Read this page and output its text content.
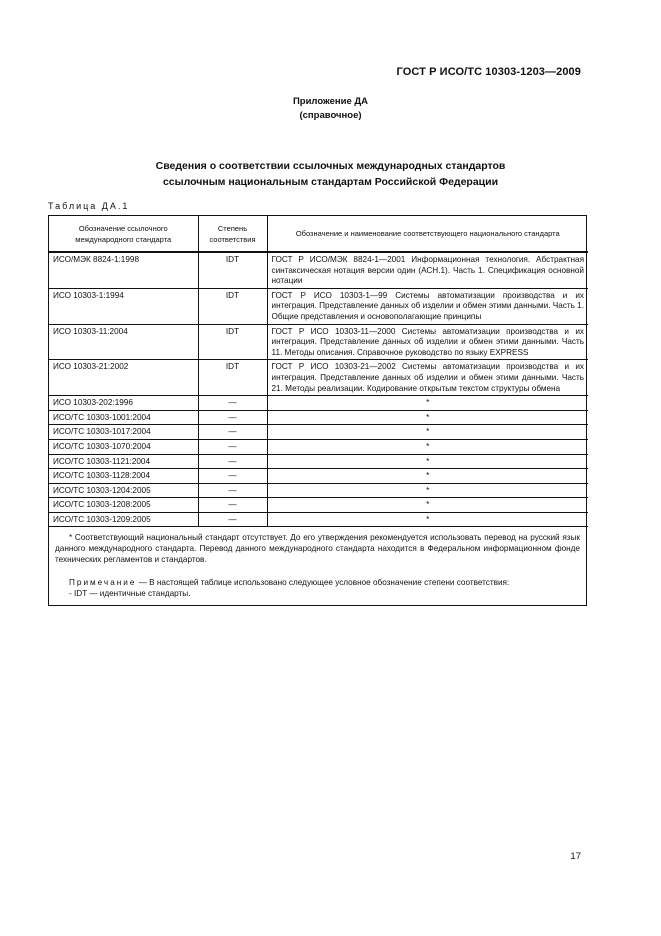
ГОСТ Р ИСО/ТС 10303-1203—2009
Приложение ДА
(справочное)
Сведения о соответствии ссылочных международных стандартов
ссылочным национальным стандартам Российской Федерации
Таблица ДА.1
Обозначение ссылочного международного стандарта	Степень соответствия	Обозначение и наименование соответствующего национального стандарта
ИСО/МЭК 8824-1:1998	IDT	ГОСТ Р ИСО/МЭК 8824-1—2001 Информационная технология. Абстрактная синтаксическая нотация версии один (АСН.1). Часть 1. Спецификация основной нотации
ИСО 10303-1:1994	IDT	ГОСТ Р ИСО 10303-1—99 Системы автоматизации производства и их интеграция. Представление данных об изделии и обмен этими данными. Часть 1. Общие представления и основополагающие принципы
ИСО 10303-11:2004	IDT	ГОСТ Р ИСО 10303-11—2000 Системы автоматизации производства и их интеграция. Представление данных об изделии и обмен этими данными. Часть 11. Методы описания. Справочное руководство по языку EXPRESS
ИСО 10303-21:2002	IDT	ГОСТ Р ИСО 10303-21—2002 Системы автоматизации производства и их интеграция. Представление данных об изделии и обмен этими данными. Часть 21. Методы реализации. Кодирование открытым текстом структуры обмена
ИСО 10303-202:1996	—	*
ИСО/ТС 10303-1001:2004	—	*
ИСО/ТС 10303-1017:2004	—	*
ИСО/ТС 10303-1070:2004	—	*
ИСО/ТС 10303-1121:2004	—	*
ИСО/ТС 10303-1128:2004	—	*
ИСО/ТС 10303-1204:2005	—	*
ИСО/ТС 10303-1208:2005	—	*
ИСО/ТС 10303-1209:2005	—	*

* Соответствующий национальный стандарт отсутствует. До его утверждения рекомендуется использовать перевод на русский язык данного международного стандарта. Перевод данного международного стандарта находится в Федеральном информационном фонде технических регламентов и стандартов.

Примечание — В настоящей таблице использовано следующее условное обозначение степени соответствия:

- IDT — идентичные стандарты.

17
